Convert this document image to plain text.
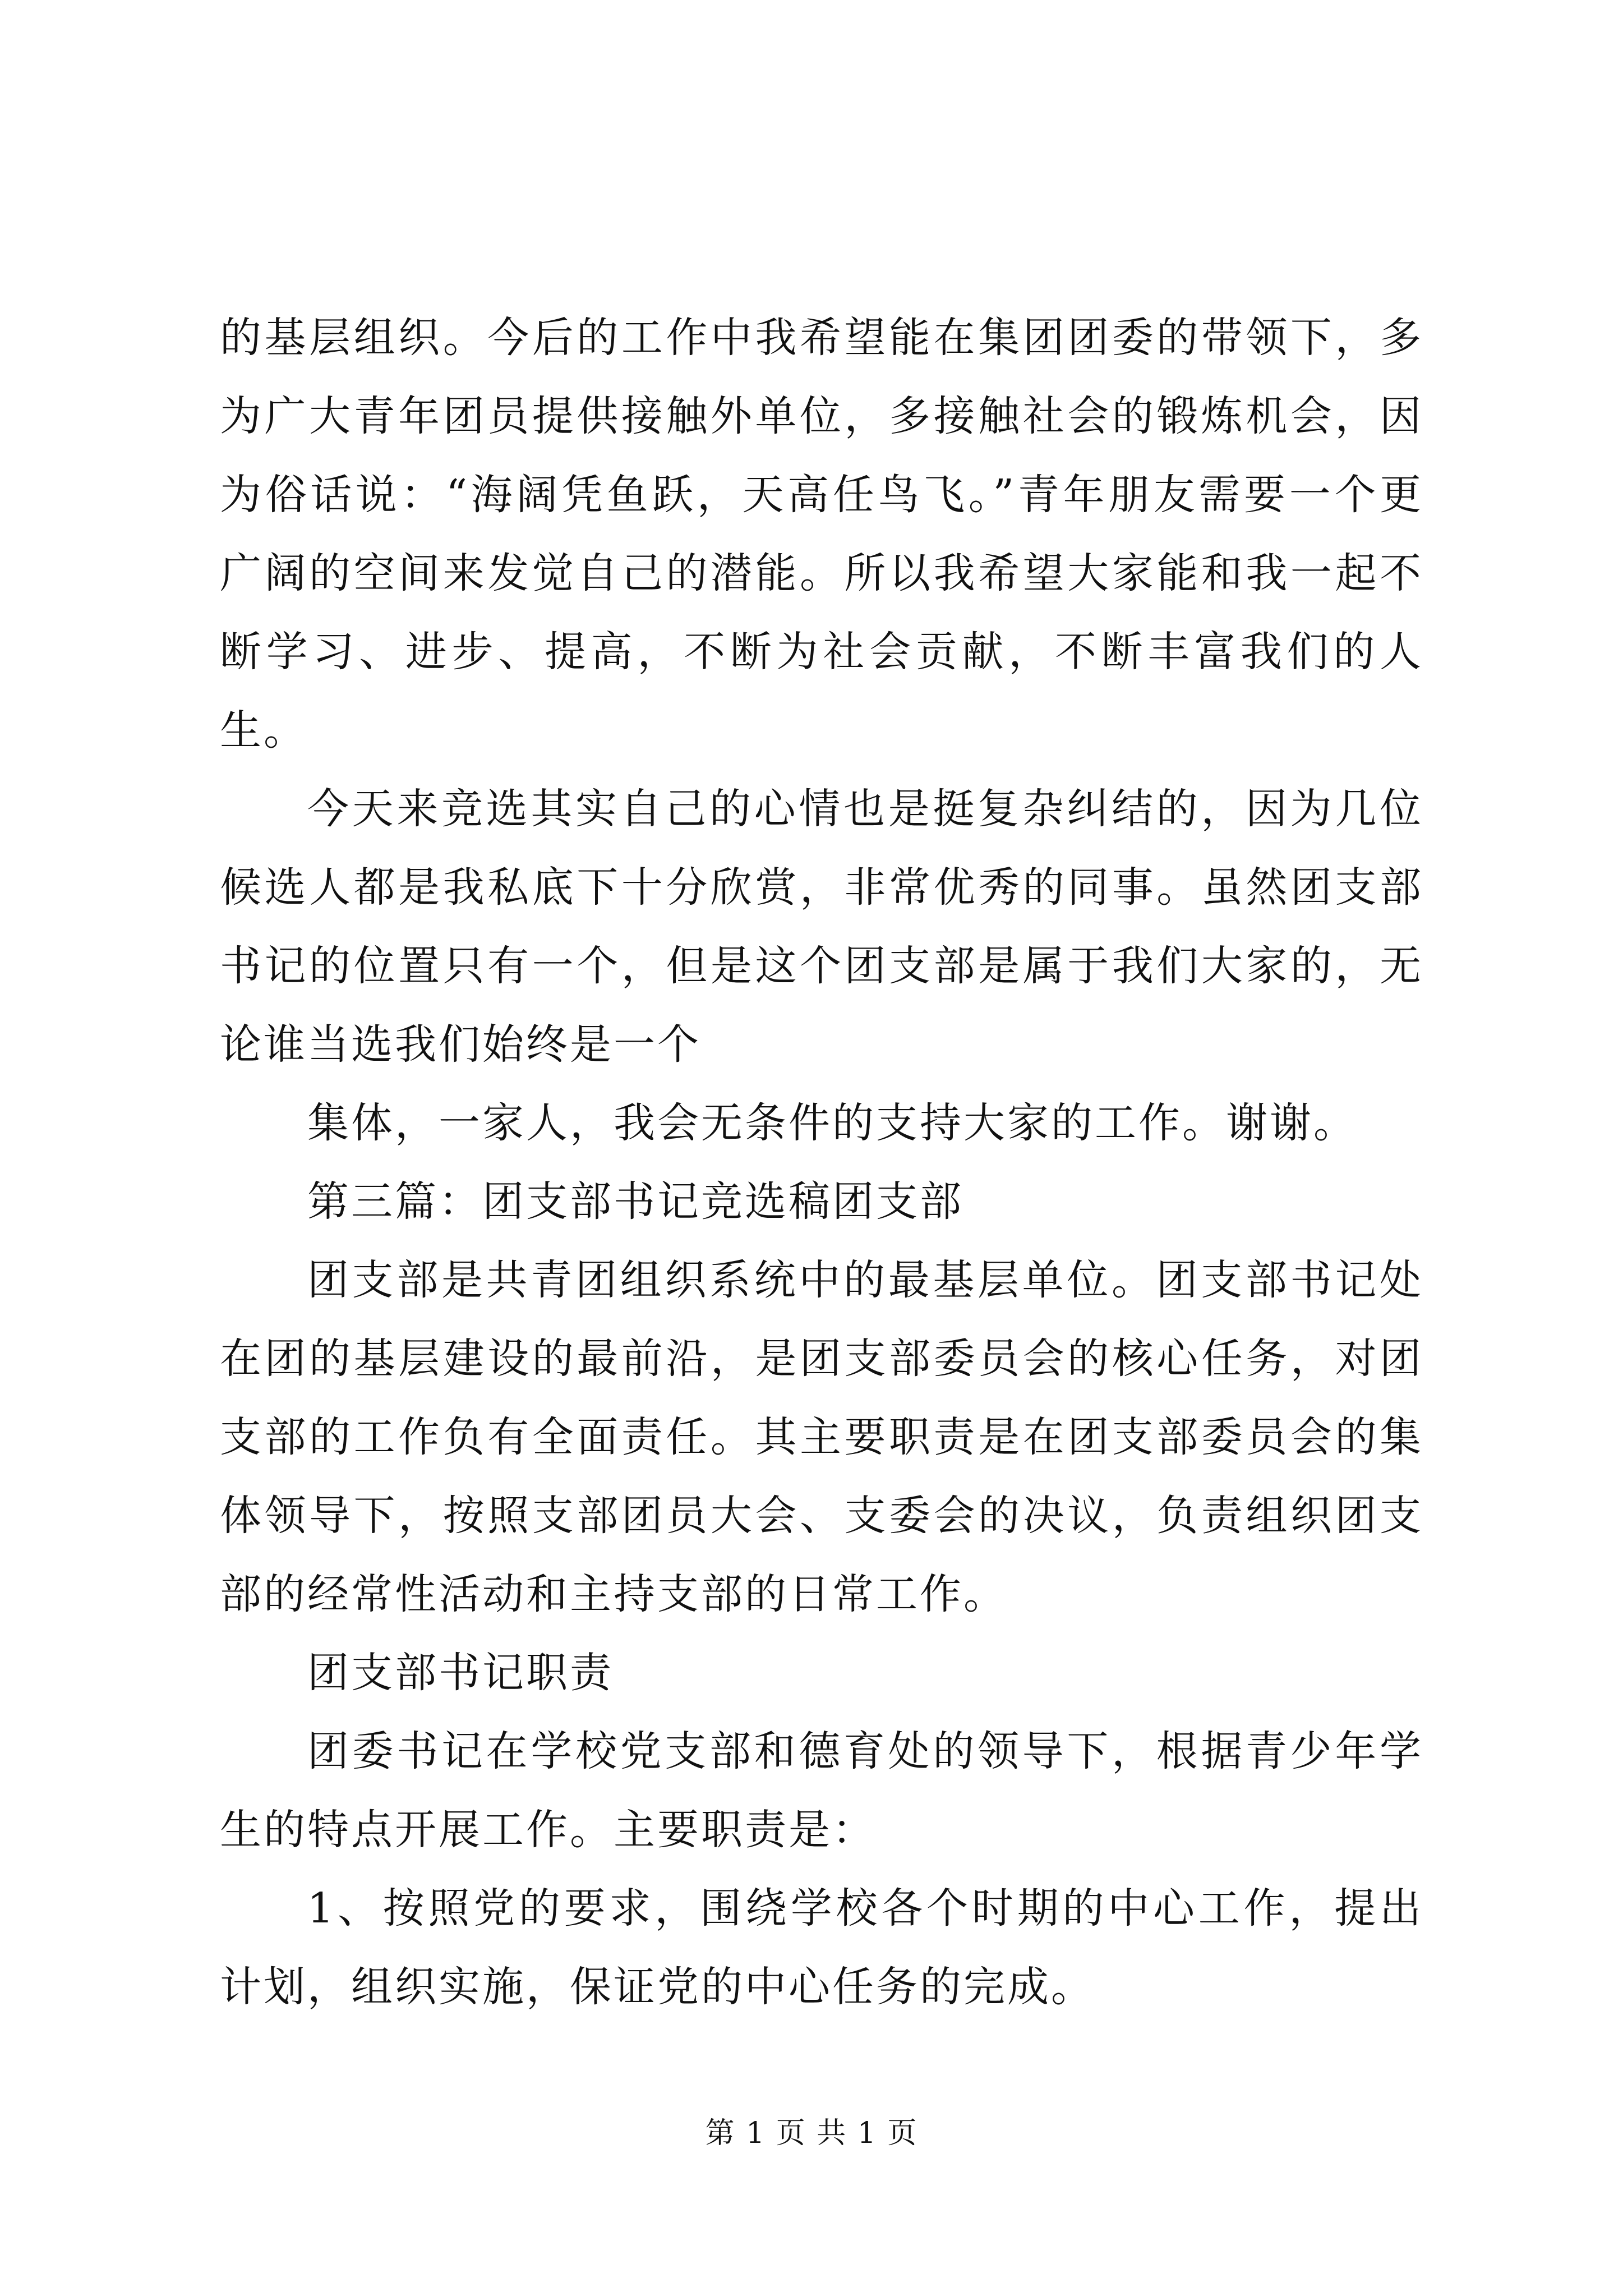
的基层组织。今后的工作中我希望能在集团团委的带领下，多为广大青年团员提供接触外单位，多接触社会的锻炼机会，因为俗话说：“海阔凭鱼跃，天高任鸟飞。”青年朋友需要一个更广阔的空间来发觉自己的潜能。所以我希望大家能和我一起不断学习、进步、提高，不断为社会贡献，不断丰富我们的人生。

今天来竞选其实自己的心情也是挺复杂纠结的，因为几位候选人都是我私底下十分欣赏，非常优秀的同事。虽然团支部书记的位置只有一个，但是这个团支部是属于我们大家的，无论谁当选我们始终是一个

集体，一家人，我会无条件的支持大家的工作。谢谢。

第三篇：团支部书记竞选稿团支部

团支部是共青团组织系统中的最基层单位。团支部书记处在团的基层建设的最前沿，是团支部委员会的核心任务，对团支部的工作负有全面责任。其主要职责是在团支部委员会的集体领导下，按照支部团员大会、支委会的决议，负责组织团支部的经常性活动和主持支部的日常工作。

团支部书记职责

团委书记在学校党支部和德育处的领导下，根据青少年学生的特点开展工作。主要职责是：

1、按照党的要求，围绕学校各个时期的中心工作，提出计划，组织实施，保证党的中心任务的完成。

第 1 页 共 1 页
